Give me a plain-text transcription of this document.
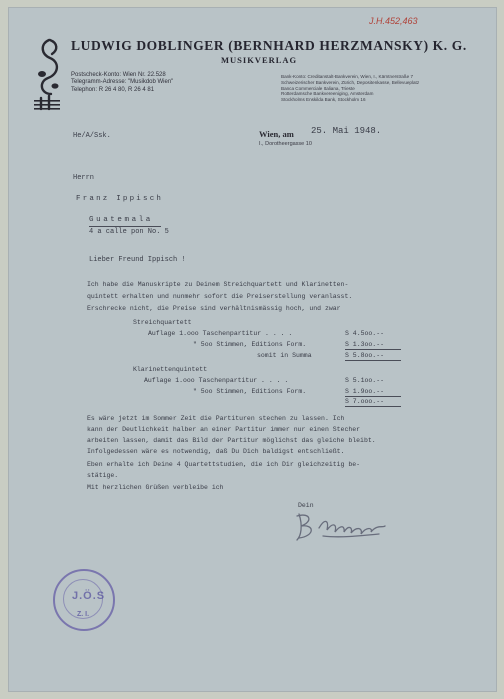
J.H.452,463
LUDWIG DOBLINGER (BERNHARD HERZMANSKY) K. G.
MUSIKVERLAG
Postscheck-Konto: Wien Nr. 22.528
Telegramm-Adresse: "Musikdob Wien"
Telephon: R 26 4 80, R 26 4 81
Bank-Konto: Creditanstalt-Bankverein, Wien, I., Kärntnerstraße 7
Schweizerischer Bankverein, Zürich, Depositenkasse, Bellevueplatz
Banca Commerciale Italiana, Trieste
Rotterdamsche Bankvereeniging, Amsterdam
Stockholms Enskilda Bank, Stockholm 16
He/A/Ssk.	Wien, am 25. Mai 1948.
I., Dorotheergasse 10
Herrn
Franz Ippisch
Guatemala
4 a calle pon No. 5
Lieber Freund Ippisch !
Ich habe die Manuskripte zu Deinem Streichquartett und Klarinetten-
quintett erhalten und nunmehr sofort die Preiserstellung veranlasst.
Erschrecke nicht, die Preise sind verhältnismässig hoch, und zwar
Streichquartett
Auflage 1.ooo Taschenpartitur . . . .	S 4.5oo.--
" 5oo Stimmen, Editions Form.	S 1.3oo.--
somit in Summa	S 5.8oo.--
Klarinettenquintett
Auflage 1.ooo Taschenpartitur . . . .	S 5.1oo.--
" 5oo Stimmen, Editions Form.	S 1.9oo.--
S 7.ooo.--
Es wäre jetzt im Sommer Zeit die Partituren stechen zu lassen. Ich
kann der Deutlichkeit halber an einer Partitur immer nur einen Stecher
arbeiten lassen, damit das Bild der Partitur möglichst das gleiche bleibt.
Infolgedessen wäre es notwendig, daß Du Dich baldigst entschließt.
Eben erhalte ich Deine 4 Quartettstudien, die ich Dir gleichzeitig be-
stätige.
Mit herzlichen Grüßen verbleibe ich
Dein
J.Ö.S
Z. I.
